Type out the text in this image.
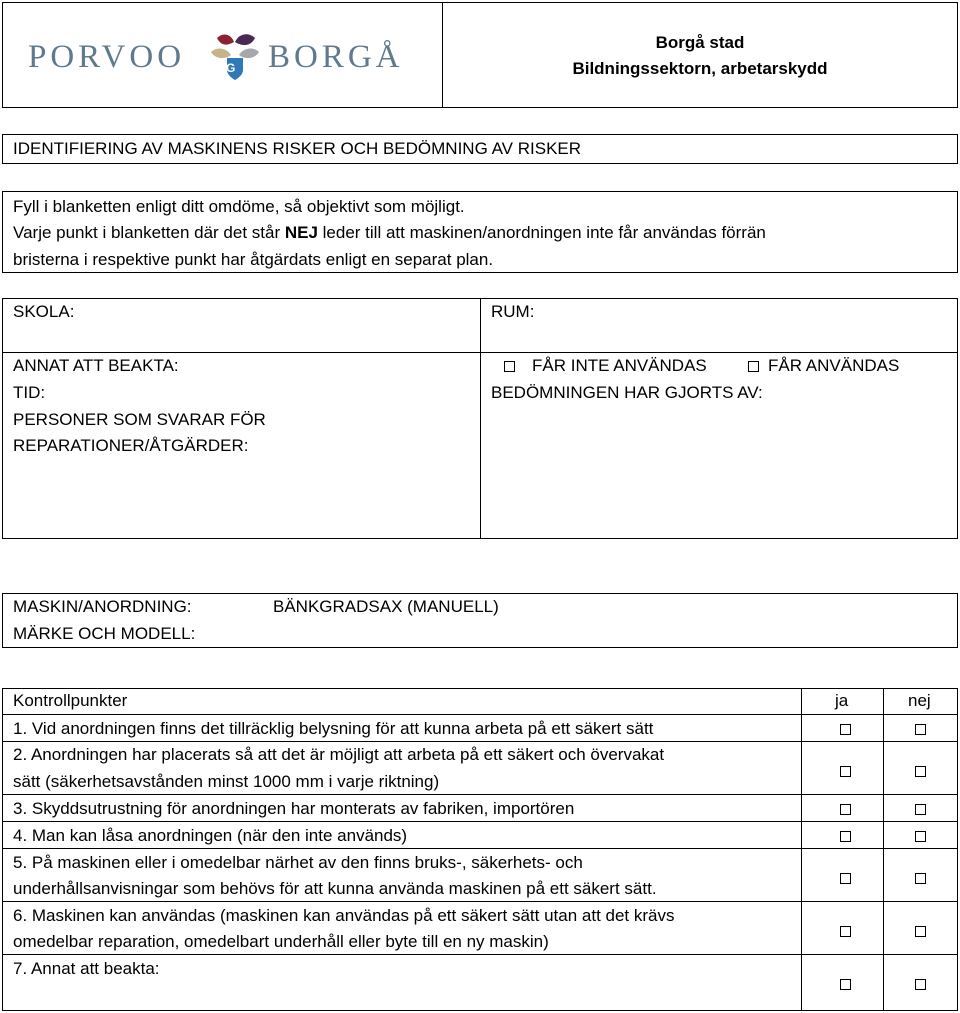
PORVOO	G BORGÅ	Borgå stad
Bildningssektorn, arbetarskydd
IDENTIFIERING AV MASKINENS RISKER OCH BEDÖMNING AV RISKER
Fyll i blanketten enligt ditt omdöme, så objektivt som möjligt.
Varje punkt i blanketten där det står NEJ leder till att maskinen/anordningen inte får användas förrän
bristerna i respektive punkt har åtgärdats enligt en separat plan.
SKOLA:	RUM:
ANNAT ATT BEAKTA:
TID:
PERSONER SOM SVARAR FÖR
REPARATIONER/ÅTGÄRDER:
FÅR INTE ANVÄNDAS	FÅR ANVÄNDAS
BEDÖMNINGEN HAR GJORTS AV:
MASKIN/ANORDNING:	BÄNKGRADSAX (MANUELL)
MÄRKE OCH MODELL:
Kontrollpunkter	ja	nej
1. Vid anordningen finns det tillräcklig belysning för att kunna arbeta på ett säkert sätt
2. Anordningen har placerats så att det är möjligt att arbeta på ett säkert och övervakat
sätt (säkerhetsavstånden minst 1000 mm i varje riktning)
3. Skyddsutrustning för anordningen har monterats av fabriken, importören
4. Man kan låsa anordningen (när den inte används)
5. På maskinen eller i omedelbar närhet av den finns bruks-, säkerhets- och
underhållsanvisningar som behövs för att kunna använda maskinen på ett säkert sätt.
6. Maskinen kan användas (maskinen kan användas på ett säkert sätt utan att det krävs
omedelbar reparation, omedelbart underhåll eller byte till en ny maskin)
7. Annat att beakta:
